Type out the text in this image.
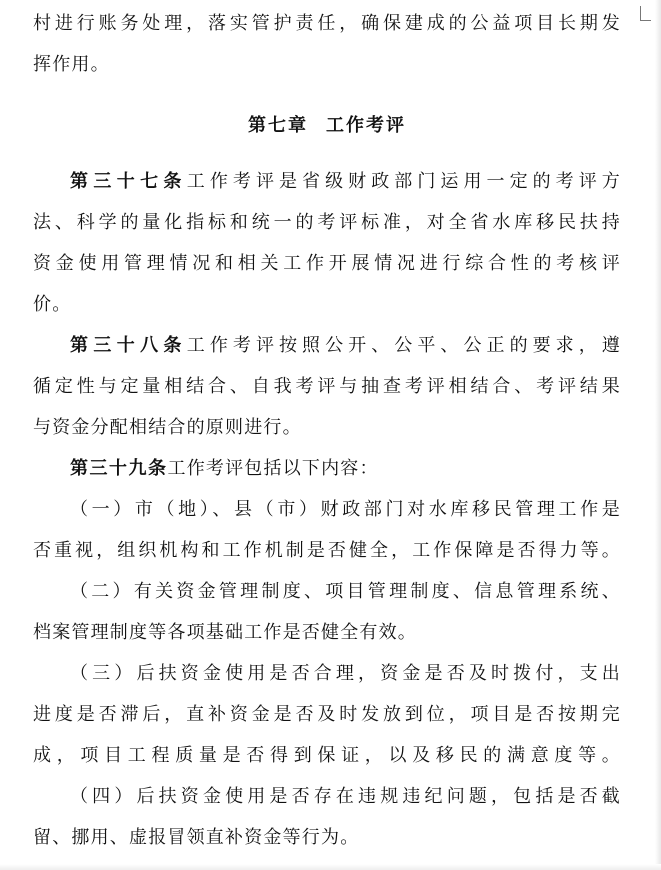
村进行账务处理，落实管护责任，确保建成的公益项目长期发
挥作用。
第七章 工作考评
第三十七条工作考评是省级财政部门运用一定的考评方
法、科学的量化指标和统一的考评标准，对全省水库移民扶持
资金使用管理情况和相关工作开展情况进行综合性的考核评
价。
第三十八条工作考评按照公开、公平、公正的要求，遵
循定性与定量相结合、自我考评与抽查考评相结合、考评结果
与资金分配相结合的原则进行。
第三十九条工作考评包括以下内容：
（一）市（地）、县（市）财政部门对水库移民管理工作是
否重视，组织机构和工作机制是否健全，工作保障是否得力等。
（二）有关资金管理制度、项目管理制度、信息管理系统、
档案管理制度等各项基础工作是否健全有效。
（三）后扶资金使用是否合理，资金是否及时拨付，支出
进度是否滞后，直补资金是否及时发放到位，项目是否按期完
成，项目工程质量是否得到保证，以及移民的满意度等。
（四）后扶资金使用是否存在违规违纪问题，包括是否截
留、挪用、虚报冒领直补资金等行为。
